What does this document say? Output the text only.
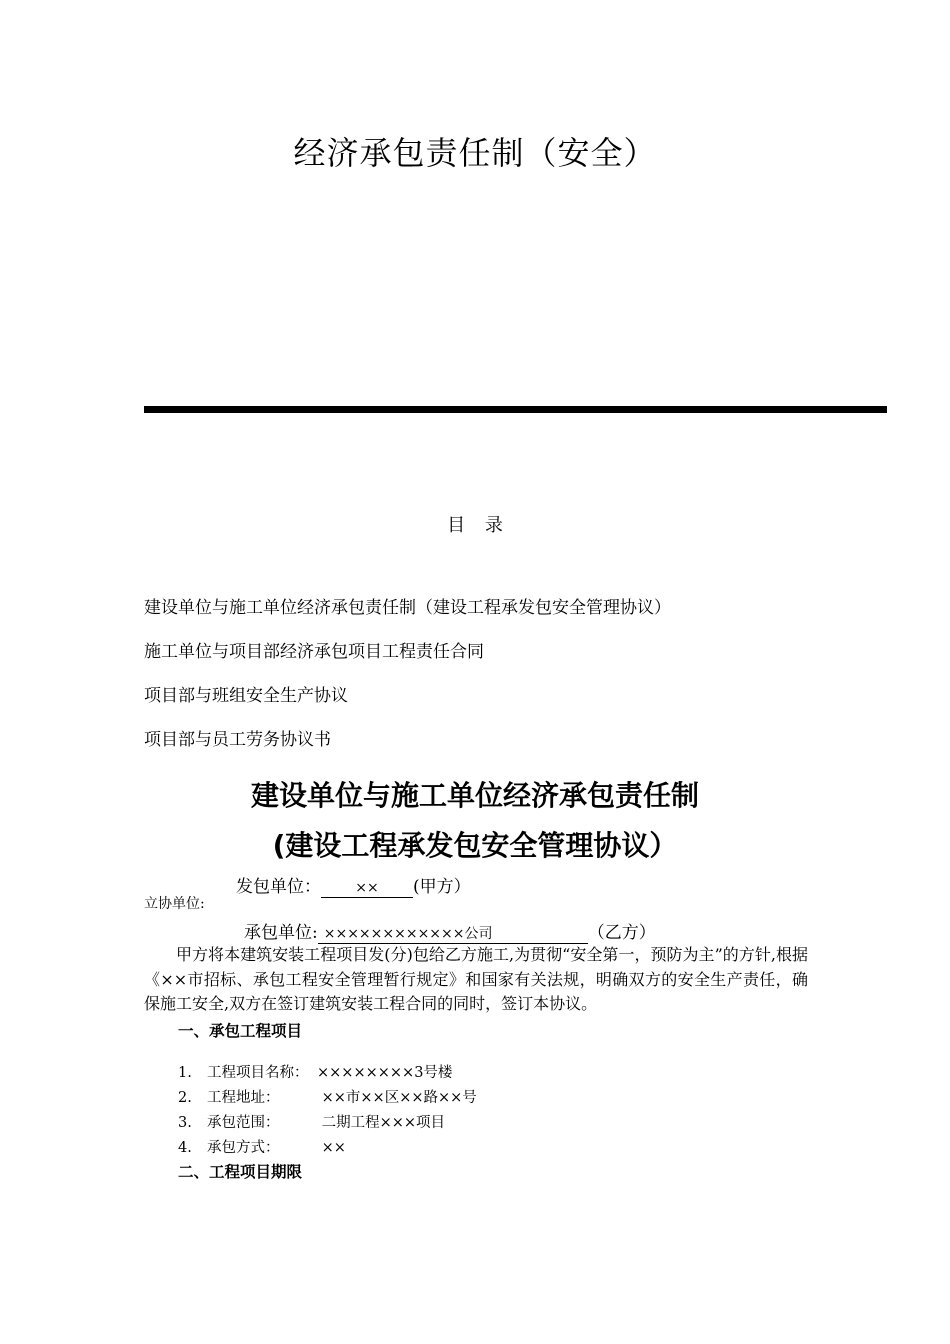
经济承包责任制（安全）
目 录
建设单位与施工单位经济承包责任制（建设工程承发包安全管理协议）
施工单位与项目部经济承包项目工程责任合同
项目部与班组安全生产协议
项目部与员工劳务协议书
建设单位与施工单位经济承包责任制
(建设工程承发包安全管理协议）
发包单位： ×× (甲方）
立协单位:
承包单位: ××××××××××××公司	（乙方）
甲方将本建筑安装工程项目发(分)包给乙方施工,为贯彻“安全第一，预防为主”的方针,根据《××市招标、承包工程安全管理暂行规定》和国家有关法规，明确双方的安全生产责任，确保施工安全,双方在签订建筑安装工程合同的同时，签订本协议。
一、承包工程项目
1. 工程项目名称： ××××××××3号楼
2. 工程地址：	××市××区××路××号
3. 承包范围：	二期工程×××项目
4. 承包方式：	××
二、工程项目期限
